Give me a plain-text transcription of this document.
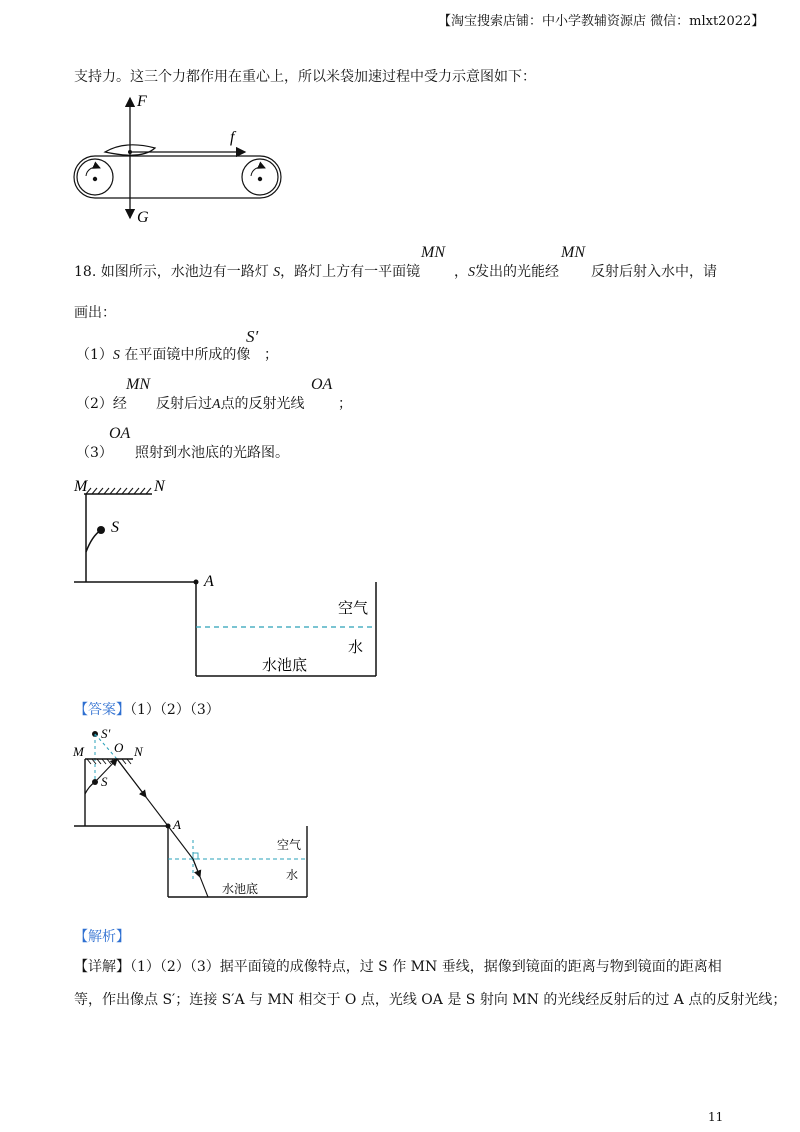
【淘宝搜索店铺：中小学教辅资源店 微信：mlxt2022】
支持力。这三个力都作用在重心上，所以米袋加速过程中受力示意图如下：
F
f
G
18. 如图所示，水池边有一路灯 S，路灯上方有一平面镜
MN
，S发出的光能经
MN
反射后射入水中，请
画出：
（1）S 在平面镜中所成的像
S′
；
（2）经
MN
反射后过A点的反射光线
OA
；
（3）
OA
照射到水池底的光路图。
M	N
S
A
空气
水
水池底
【答案】（1）（2）（3）
S′
M O N
S
A
空气
水
水池底
【解析】
【详解】（1）（2）（3）据平面镜的成像特点，过 S 作 MN 垂线，据像到镜面的距离与物到镜面的距离相
等，作出像点 S′；连接 S′A 与 MN 相交于 O 点，光线 OA 是 S 射向 MN 的光线经反射后的过 A 点的反射光线；
11
